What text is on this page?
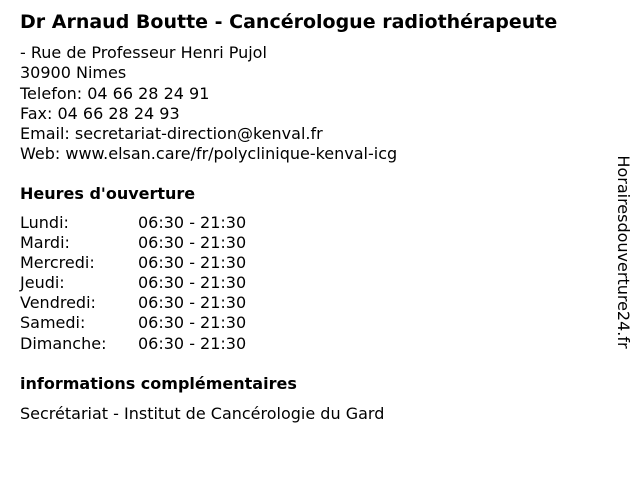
Dr Arnaud Boutte - Cancérologue radiothérapeute
- Rue de Professeur Henri Pujol
30900 Nimes
Telefon: 04 66 28 24 91
Fax: 04 66 28 24 93
Email: secretariat-direction@kenval.fr
Web: www.elsan.care/fr/polyclinique-kenval-icg
Heures d'ouverture
Lundi:	06:30 - 21:30
Mardi:	06:30 - 21:30
Mercredi:	06:30 - 21:30
Jeudi:	06:30 - 21:30
Vendredi:	06:30 - 21:30
Samedi:	06:30 - 21:30
Dimanche:	06:30 - 21:30
informations complémentaires
Secrétariat - Institut de Cancérologie du Gard
Horairesdouverture24.fr
